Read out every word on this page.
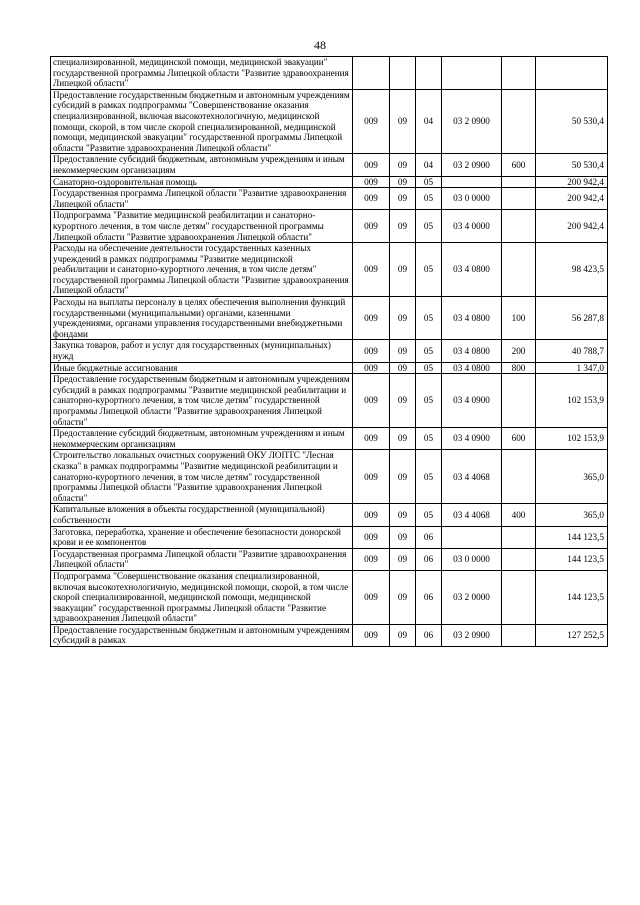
48
специализированной, медицинской помощи, медицинской эвакуации" государственной программы Липецкой области "Развитие здравоохранения Липецкой области"						
Предоставление государственным бюджетным и автономным учреждениям субсидий в рамках подпрограммы "Совершенствование оказания специализированной, включая высокотехнологичную, медицинской помощи, скорой, в том числе скорой специализированной, медицинской помощи, медицинской эвакуации" государственной программы Липецкой области "Развитие здравоохранения Липецкой области"	009	09	04	03 2 0900		50 530,4
Предоставление субсидий бюджетным, автономным учреждениям и иным некоммерческим организациям	009	09	04	03 2 0900	600	50 530,4
Санаторно-оздоровительная помощь	009	09	05			200 942,4
Государственная программа Липецкой области "Развитие здравоохранения Липецкой области"	009	09	05	03 0 0000		200 942,4
Подпрограмма "Развитие медицинской реабилитации и санаторно-курортного лечения, в том числе детям" государственной программы Липецкой области "Развитие здравоохранения Липецкой области"	009	09	05	03 4 0000		200 942,4
Расходы на обеспечение деятельности государственных казенных учреждений в рамках подпрограммы "Развитие медицинской реабилитации и санаторно-курортного лечения, в том числе детям" государственной программы Липецкой области "Развитие здравоохранения Липецкой области"	009	09	05	03 4 0800		98 423,5
Расходы на выплаты персоналу в целях обеспечения выполнения функций государственными (муниципальными) органами, казенными учреждениями, органами управления государственными внебюджетными фондами	009	09	05	03 4 0800	100	56 287,8
Закупка товаров, работ и услуг для государственных (муниципальных) нужд	009	09	05	03 4 0800	200	40 788,7
Иные бюджетные ассигнования	009	09	05	03 4 0800	800	1 347,0
Предоставление государственным бюджетным и автономным учреждениям субсидий в рамках подпрограммы "Развитие медицинской реабилитации и санаторно-курортного лечения, в том числе детям" государственной программы Липецкой области "Развитие здравоохранения Липецкой области"	009	09	05	03 4 0900		102 153,9
Предоставление субсидий бюджетным, автономным учреждениям и иным некоммерческим организациям	009	09	05	03 4 0900	600	102 153,9
Строительство локальных очистных сооружений ОКУ ЛОПТС "Лесная сказка" в рамках подпрограммы "Развитие медицинской реабилитации и санаторно-курортного лечения, в том числе детям" государственной программы Липецкой области "Развитие здравоохранения Липецкой области"	009	09	05	03 4 4068		365,0
Капитальные вложения в объекты государственной (муниципальной) собственности	009	09	05	03 4 4068	400	365,0
Заготовка, переработка, хранение и обеспечение безопасности донорской крови и ее компонентов	009	09	06			144 123,5
Государственная программа Липецкой области "Развитие здравоохранения Липецкой области"	009	09	06	03 0 0000		144 123,5
Подпрограмма "Совершенствование оказания специализированной, включая высокотехнологичную, медицинской помощи, скорой, в том числе скорой специализированной, медицинской помощи, медицинской эвакуации" государственной программы Липецкой области "Развитие здравоохранения Липецкой области"	009	09	06	03 2 0000		144 123,5
Предоставление государственным бюджетным и автономным учреждениям субсидий в рамках	009	09	06	03 2 0900		127 252,5
